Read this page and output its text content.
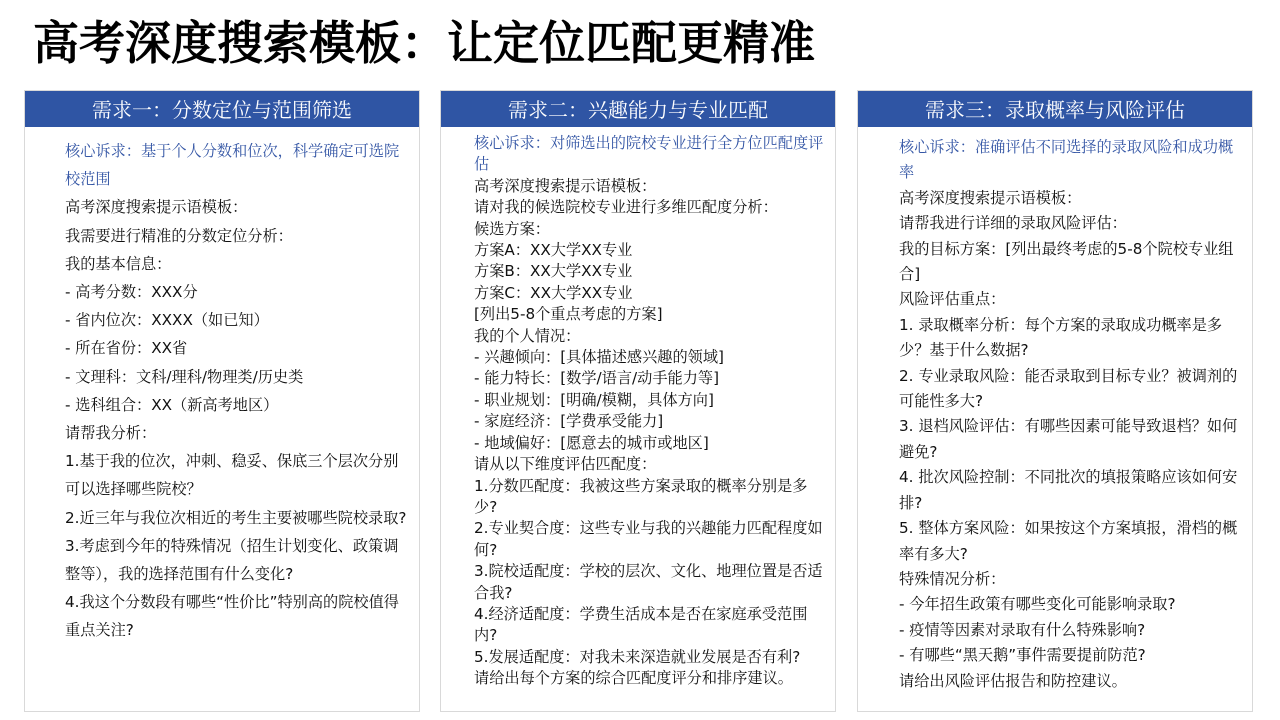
高考深度搜索模板：让定位匹配更精准
需求一：分数定位与范围筛选
核心诉求：基于个人分数和位次，科学确定可选院校范围
高考深度搜索提示语模板：
我需要进行精准的分数定位分析：
我的基本信息：
- 高考分数：XXX分
- 省内位次：XXXX（如已知）
- 所在省份：XX省
- 文理科：文科/理科/物理类/历史类
- 选科组合：XX（新高考地区）
请帮我分析：
1.基于我的位次，冲刺、稳妥、保底三个层次分别可以选择哪些院校？
2.近三年与我位次相近的考生主要被哪些院校录取?
3.考虑到今年的特殊情况（招生计划变化、政策调整等），我的选择范围有什么变化?
4.我这个分数段有哪些“性价比”特别高的院校值得重点关注?
需求二：兴趣能力与专业匹配
核心诉求：对筛选出的院校专业进行全方位匹配度评估
高考深度搜索提示语模板：
请对我的候选院校专业进行多维匹配度分析：
候选方案：
方案A：XX大学XX专业
方案B：XX大学XX专业
方案C：XX大学XX专业
[列出5-8个重点考虑的方案]
我的个人情况：
- 兴趣倾向：[具体描述感兴趣的领域]
- 能力特长：[数学/语言/动手能力等]
- 职业规划：[明确/模糊，具体方向]
- 家庭经济：[学费承受能力]
- 地域偏好：[愿意去的城市或地区]
请从以下维度评估匹配度：
1.分数匹配度：我被这些方案录取的概率分别是多少?
2.专业契合度：这些专业与我的兴趣能力匹配程度如何?
3.院校适配度：学校的层次、文化、地理位置是否适合我?
4.经济适配度：学费生活成本是否在家庭承受范围内?
5.发展适配度：对我未来深造就业发展是否有利?
请给出每个方案的综合匹配度评分和排序建议。
需求三：录取概率与风险评估
核心诉求：准确评估不同选择的录取风险和成功概率
高考深度搜索提示语模板：
请帮我进行详细的录取风险评估：
我的目标方案：[列出最终考虑的5-8个院校专业组合]
风险评估重点：
1. 录取概率分析：每个方案的录取成功概率是多少？基于什么数据?
2. 专业录取风险：能否录取到目标专业？被调剂的可能性多大?
3. 退档风险评估：有哪些因素可能导致退档？如何避免?
4. 批次风险控制：不同批次的填报策略应该如何安排?
5. 整体方案风险：如果按这个方案填报，滑档的概率有多大?
特殊情况分析：
- 今年招生政策有哪些变化可能影响录取?
- 疫情等因素对录取有什么特殊影响?
- 有哪些“黑天鹅”事件需要提前防范?
请给出风险评估报告和防控建议。
